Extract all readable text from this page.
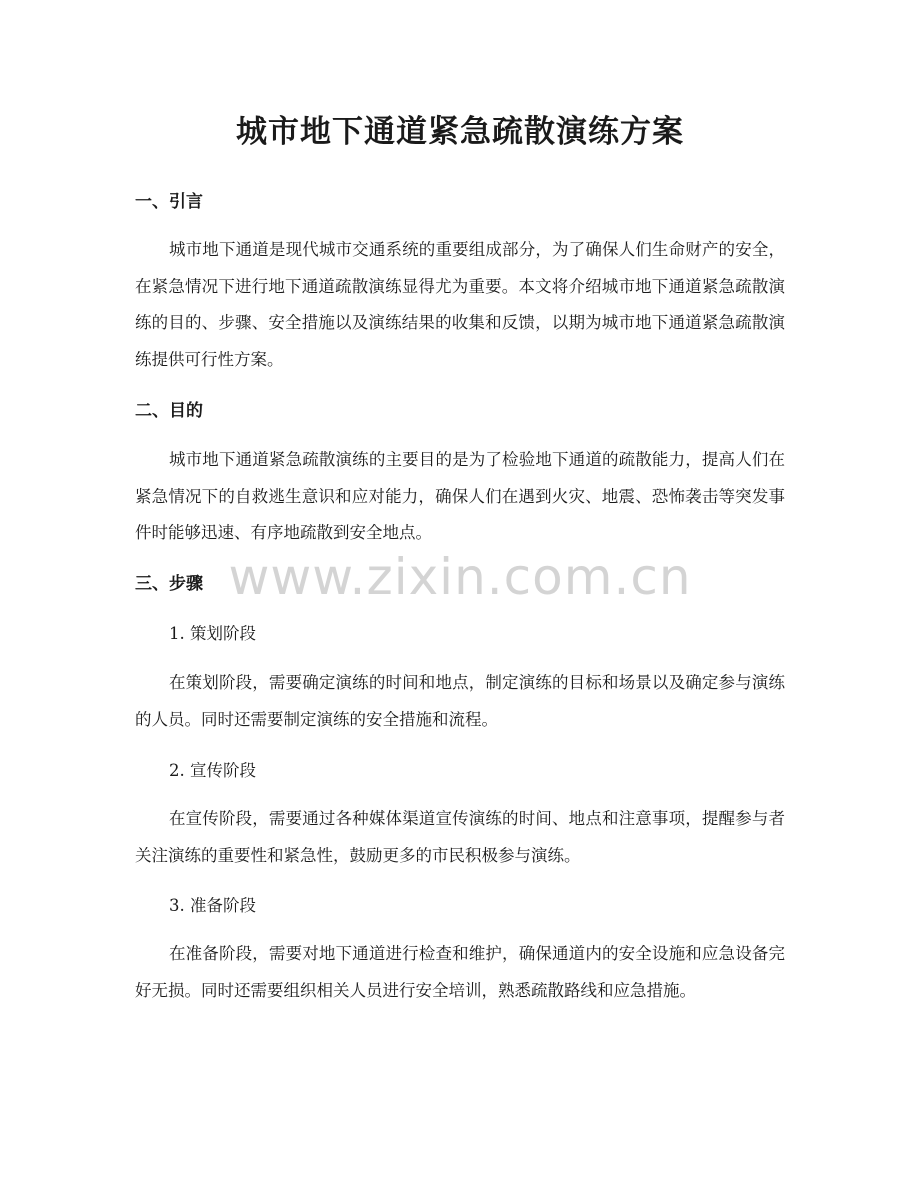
城市地下通道紧急疏散演练方案
一、引言

城市地下通道是现代城市交通系统的重要组成部分，为了确保人们生命财产的安全，在紧急情况下进行地下通道疏散演练显得尤为重要。本文将介绍城市地下通道紧急疏散演练的目的、步骤、安全措施以及演练结果的收集和反馈，以期为城市地下通道紧急疏散演练提供可行性方案。

二、目的

城市地下通道紧急疏散演练的主要目的是为了检验地下通道的疏散能力，提高人们在紧急情况下的自救逃生意识和应对能力，确保人们在遇到火灾、地震、恐怖袭击等突发事件时能够迅速、有序地疏散到安全地点。

三、步骤
1. 策划阶段

在策划阶段，需要确定演练的时间和地点，制定演练的目标和场景以及确定参与演练的人员。同时还需要制定演练的安全措施和流程。

2. 宣传阶段

在宣传阶段，需要通过各种媒体渠道宣传演练的时间、地点和注意事项，提醒参与者关注演练的重要性和紧急性，鼓励更多的市民积极参与演练。

3. 准备阶段

在准备阶段，需要对地下通道进行检查和维护，确保通道内的安全设施和应急设备完好无损。同时还需要组织相关人员进行安全培训，熟悉疏散路线和应急措施。

www.zixin.com.cn
